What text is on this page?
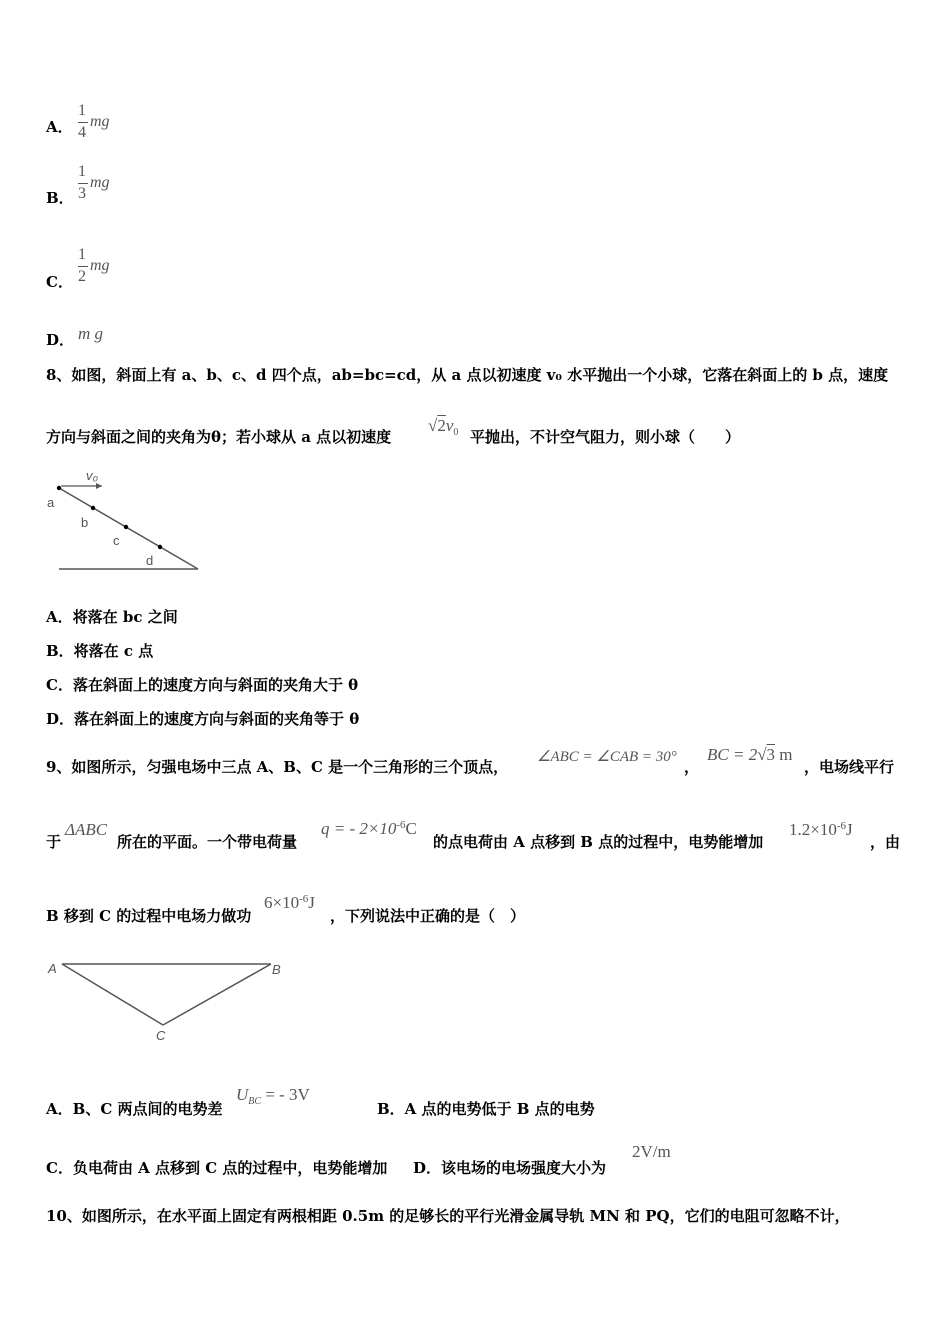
A．
1
4
mg
B．
1
3
mg
C．
1
2
mg
D． m g
8、如图，斜面上有 a、b、c、d 四个点，ab=bc=cd，从 a 点以初速度 v₀ 水平抛出一个小球，它落在斜面上的 b 点，速度
方向与斜面之间的夹角为θ；若小球从 a 点以初速度
$√2v_0$ 平抛出，不计空气阻力，则小球（　　）
v₀
a
b
c
d
A．将落在 bc 之间
B．将落在 c 点
C．落在斜面上的速度方向与斜面的夹角大于 θ
D．落在斜面上的速度方向与斜面的夹角等于 θ
9、如图所示，匀强电场中三点 A、B、C 是一个三角形的三个顶点，
∠ABC = ∠CAB = 30°
，
BC = 2√3 m
，电场线平行
于
ΔABC
所在的平面。一个带电荷量
q = - $2\times 10^{-6}C$
的点电荷由 A 点移到 B 点的过程中，电势能增加
$1.2\times 10^{-6}J$
，由
B 移到 C 的过程中电场力做功
$6\times 10^{-6}J$
，下列说法中正确的是（　）
A	B
C
A．B、C 两点间的电势差
$U_{BC}$ = - 3V
B．A 点的电势低于 B 点的电势
C．负电荷由 A 点移到 C 点的过程中，电势能增加 D．该电场的电场强度大小为
2V/m
10、如图所示，在水平面上固定有两根相距 0.5m 的足够长的平行光滑金属导轨 MN 和 PQ，它们的电阻可忽略不计，
